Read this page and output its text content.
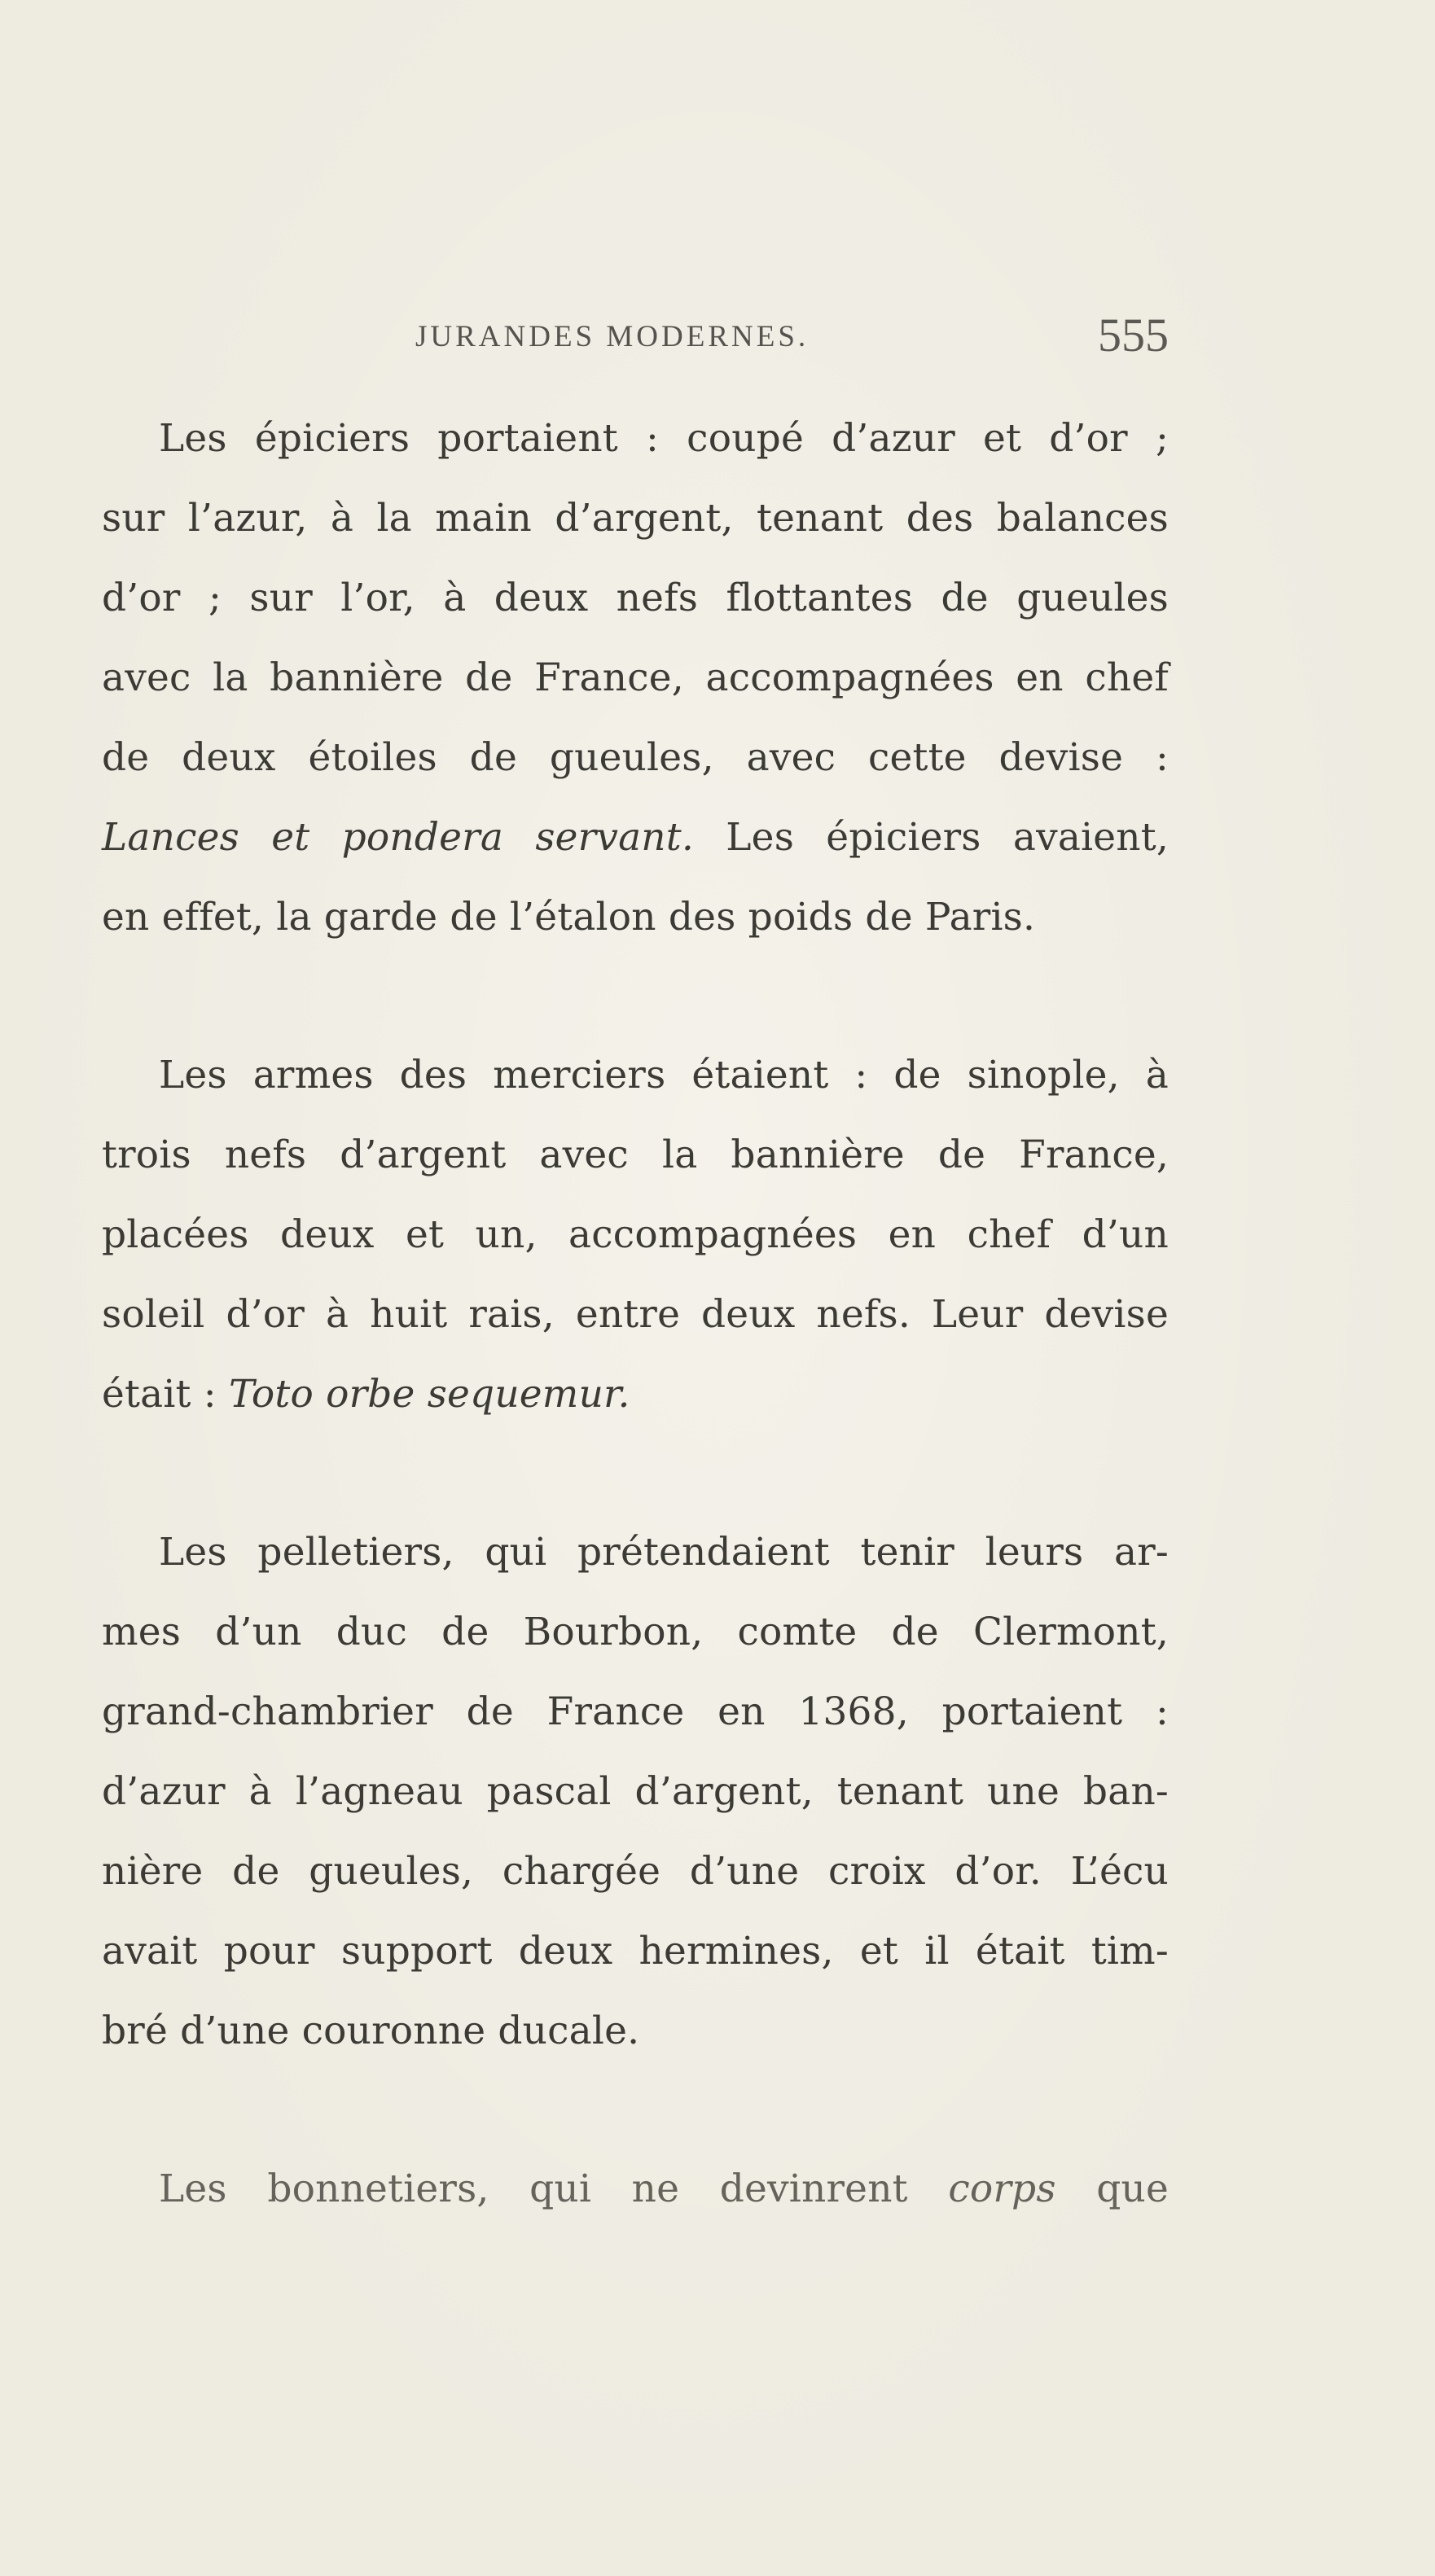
JURANDES MODERNES.	555

Les épiciers portaient : coupé d’azur et d’or ;
sur l’azur, à la main d’argent, tenant des balances
d’or ; sur l’or, à deux nefs flottantes de gueules
avec la bannière de France, accompagnées en chef
de deux étoiles de gueules, avec cette devise :
Lances et pondera servant. Les épiciers avaient,
en effet, la garde de l’étalon des poids de Paris.

Les armes des merciers étaient : de sinople, à
trois nefs d’argent avec la bannière de France,
placées deux et un, accompagnées en chef d’un
soleil d’or à huit rais, entre deux nefs. Leur devise
était : Toto orbe sequemur.

Les pelletiers, qui prétendaient tenir leurs ar-
mes d’un duc de Bourbon, comte de Clermont,
grand-chambrier de France en 1368, portaient :
d’azur à l’agneau pascal d’argent, tenant une ban-
nière de gueules, chargée d’une croix d’or. L’écu
avait pour support deux hermines, et il était tim-
bré d’une couronne ducale.

Les bonnetiers, qui ne devinrent corps que
